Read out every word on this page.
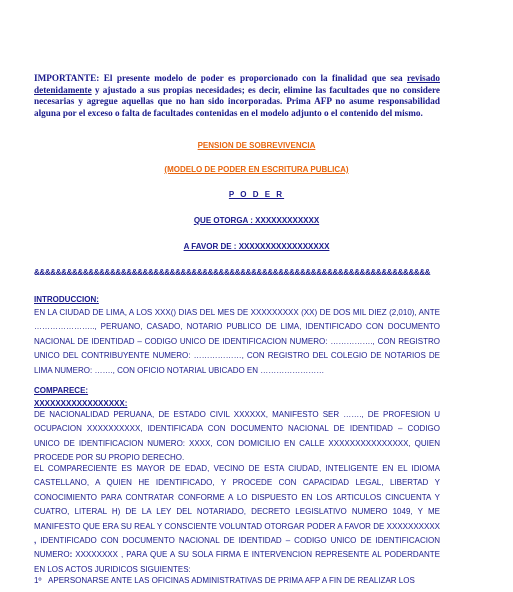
IMPORTANTE: El presente modelo de poder es proporcionado con la finalidad que sea revisado detenidamente y ajustado a sus propias necesidades; es decir, elimine las facultades que no considere necesarias y agregue aquellas que no han sido incorporadas. Prima AFP no asume responsabilidad alguna por el exceso o falta de facultades contenidas en el modelo adjunto o el contenido del mismo.

PENSION DE SOBREVIVENCIA
(MODELO DE PODER EN ESCRITURA PUBLICA)
P O D E R
QUE OTORGA : XXXXXXXXXXXX
A FAVOR DE : XXXXXXXXXXXXXXXXX
&&&&&&&&&&&&&&&&&&&&&&&&&&&&&&&&&&&&&&&&&&&&&&&&&&&&&&&&&&&&&&&&&&&&&&&&&
INTRODUCCION:

EN LA CIUDAD DE LIMA, A LOS XXX() DIAS DEL MES DE XXXXXXXXX (XX) DE DOS MIL DIEZ (2,010), ANTE ………………….., PERUANO, CASADO, NOTARIO PUBLICO DE LIMA, IDENTIFICADO CON DOCUMENTO NACIONAL DE IDENTIDAD – CODIGO UNICO DE IDENTIFICACION NUMERO: ……………., CON REGISTRO UNICO DEL CONTRIBUYENTE NUMERO: ………………, CON REGISTRO DEL COLEGIO DE NOTARIOS DE LIMA NUMERO: ……., CON OFICIO NOTARIAL UBICADO EN ……………………

COMPARECE:
XXXXXXXXXXXXXXXXX:

DE NACIONALIDAD PERUANA, DE ESTADO CIVIL XXXXXX, MANIFESTO SER ……., DE PROFESION U OCUPACION XXXXXXXXXX, IDENTIFICADA CON DOCUMENTO NACIONAL DE IDENTIDAD – CODIGO UNICO DE IDENTIFICACION NUMERO: XXXX, CON DOMICILIO EN CALLE XXXXXXXXXXXXXXX, QUIEN PROCEDE POR SU PROPIO DERECHO.

EL COMPARECIENTE ES MAYOR DE EDAD, VECINO DE ESTA CIUDAD, INTELIGENTE EN EL IDIOMA CASTELLANO, A QUIEN HE IDENTIFICADO, Y PROCEDE CON CAPACIDAD LEGAL, LIBERTAD Y CONOCIMIENTO PARA CONTRATAR CONFORME A LO DISPUESTO EN LOS ARTICULOS CINCUENTA Y CUATRO, LITERAL H) DE LA LEY DEL NOTARIADO, DECRETO LEGISLATIVO NUMERO 1049, Y ME MANIFESTO QUE ERA SU REAL Y CONSCIENTE VOLUNTAD OTORGAR PODER A FAVOR DE XXXXXXXXXX , IDENTIFICADO CON DOCUMENTO NACIONAL DE IDENTIDAD – CODIGO UNICO DE IDENTIFICACION NUMERO: XXXXXXXX , PARA QUE A SU SOLA FIRMA E INTERVENCION REPRESENTE AL PODERDANTE EN LOS ACTOS JURIDICOS SIGUIENTES:

1º APERSONARSE ANTE LAS OFICINAS ADMINISTRATIVAS DE PRIMA AFP A FIN DE REALIZAR LOS
